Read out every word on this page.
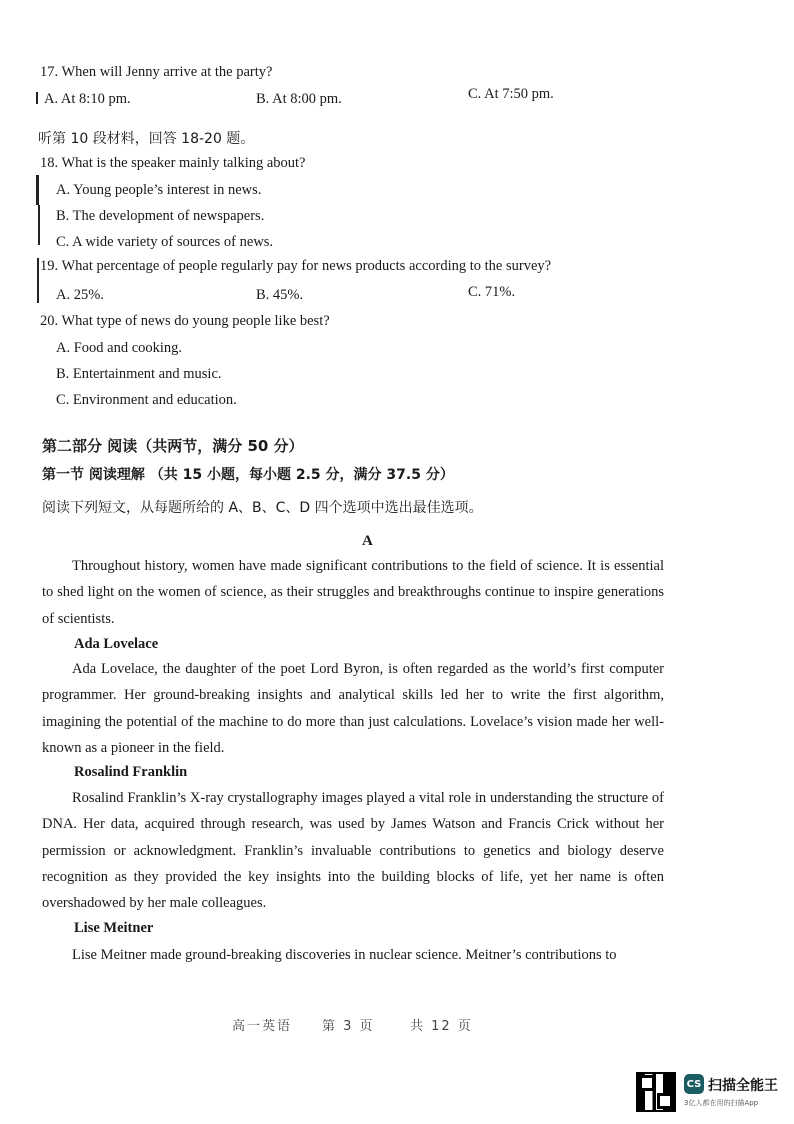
17. When will Jenny arrive at the party?
A. At 8:10 pm.	B. At 8:00 pm.	C. At 7:50 pm.
听第 10 段材料，回答 18-20 题。
18. What is the speaker mainly talking about?
A. Young people’s interest in news.
B. The development of newspapers.
C. A wide variety of sources of news.
19. What percentage of people regularly pay for news products according to the survey?
A. 25%.	B. 45%.	C. 71%.
20. What type of news do young people like best?
A. Food and cooking.
B. Entertainment and music.
C. Environment and education.
第二部分 阅读（共两节，满分 50 分）
第一节 阅读理解 （共 15 小题，每小题 2.5 分，满分 37.5 分）
阅读下列短文，从每题所给的 A、B、C、D 四个选项中选出最佳选项。
A
Throughout history, women have made significant contributions to the field of science. It is essential to shed light on the women of science, as their struggles and breakthroughs continue to inspire generations of scientists.
Ada Lovelace
Ada Lovelace, the daughter of the poet Lord Byron, is often regarded as the world’s first computer programmer. Her ground-breaking insights and analytical skills led her to write the first algorithm, imagining the potential of the machine to do more than just calculations. Lovelace’s vision made her well-known as a pioneer in the field.
Rosalind Franklin
Rosalind Franklin’s X-ray crystallography images played a vital role in understanding the structure of DNA. Her data, acquired through research, was used by James Watson and Francis Crick without her permission or acknowledgment. Franklin’s invaluable contributions to genetics and biology deserve recognition as they provided the key insights into the building blocks of life, yet her name is often overshadowed by her male colleagues.
Lise Meitner
Lise Meitner made ground-breaking discoveries in nuclear science. Meitner’s contributions to
高一英语 第 3 页	共 12 页
CS 扫描全能王
3亿人都在用的扫描App
